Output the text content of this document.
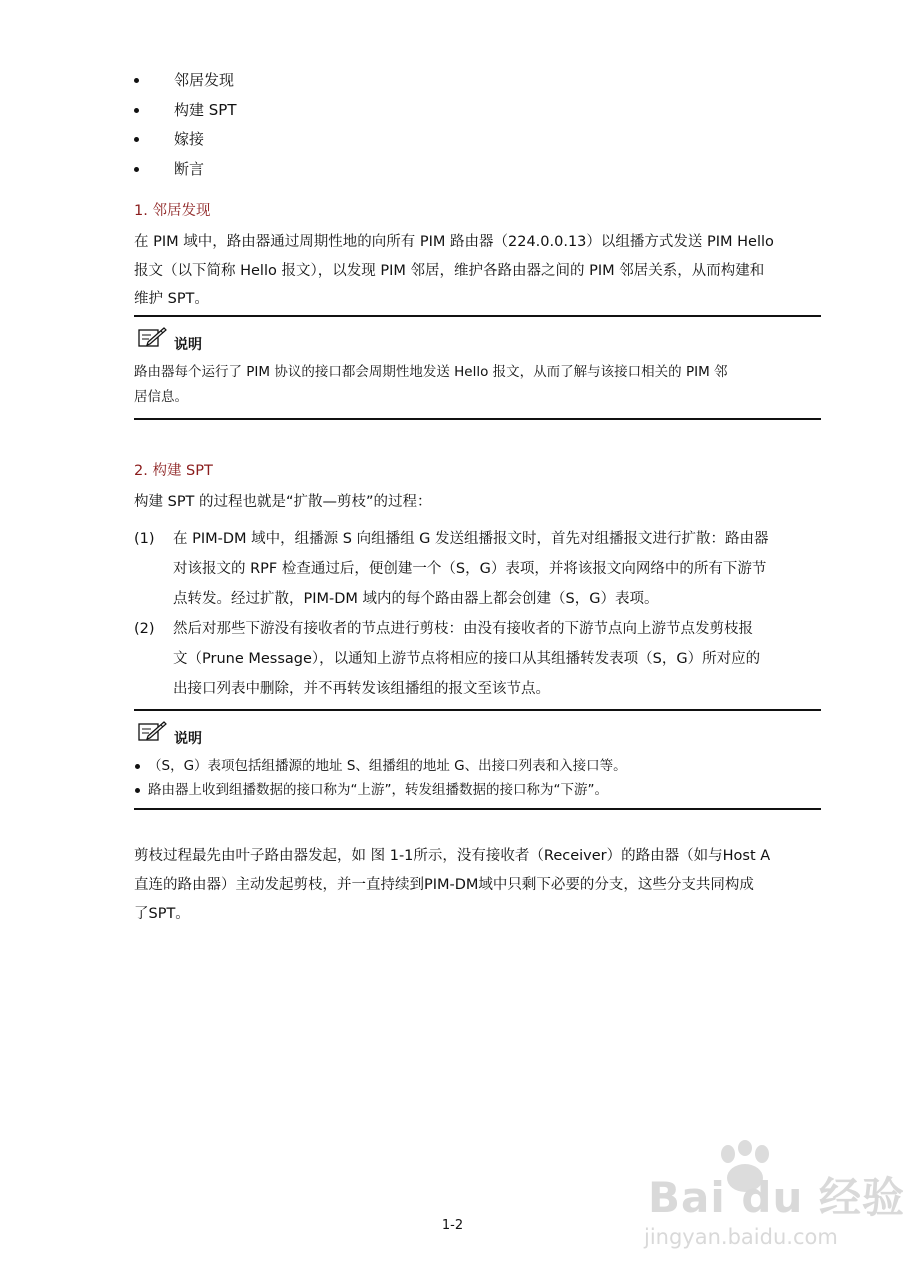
邻居发现
构建 SPT
嫁接
断言
1. 邻居发现
在 PIM 域中，路由器通过周期性地的向所有 PIM 路由器（224.0.0.13）以组播方式发送 PIM Hello
报文（以下简称 Hello 报文），以发现 PIM 邻居，维护各路由器之间的 PIM 邻居关系，从而构建和
维护 SPT。
说明
路由器每个运行了 PIM 协议的接口都会周期性地发送 Hello 报文，从而了解与该接口相关的 PIM 邻
居信息。
2. 构建 SPT
构建 SPT 的过程也就是“扩散—剪枝”的过程：
(1) 在 PIM-DM 域中，组播源 S 向组播组 G 发送组播报文时，首先对组播报文进行扩散：路由器
对该报文的 RPF 检查通过后，便创建一个（S，G）表项，并将该报文向网络中的所有下游节
点转发。经过扩散，PIM-DM 域内的每个路由器上都会创建（S，G）表项。
(2) 然后对那些下游没有接收者的节点进行剪枝：由没有接收者的下游节点向上游节点发剪枝报
文（Prune Message），以通知上游节点将相应的接口从其组播转发表项（S，G）所对应的
出接口列表中删除，并不再转发该组播组的报文至该节点。
说明
（S，G）表项包括组播源的地址 S、组播组的地址 G、出接口列表和入接口等。
路由器上收到组播数据的接口称为“上游”，转发组播数据的接口称为“下游”。
剪枝过程最先由叶子路由器发起，如 图 1-1所示，没有接收者（Receiver）的路由器（如与Host A
直连的路由器）主动发起剪枝，并一直持续到PIM-DM域中只剩下必要的分支，这些分支共同构成
了SPT。
Bai du 经验
jingyan.baidu.com
1-2
